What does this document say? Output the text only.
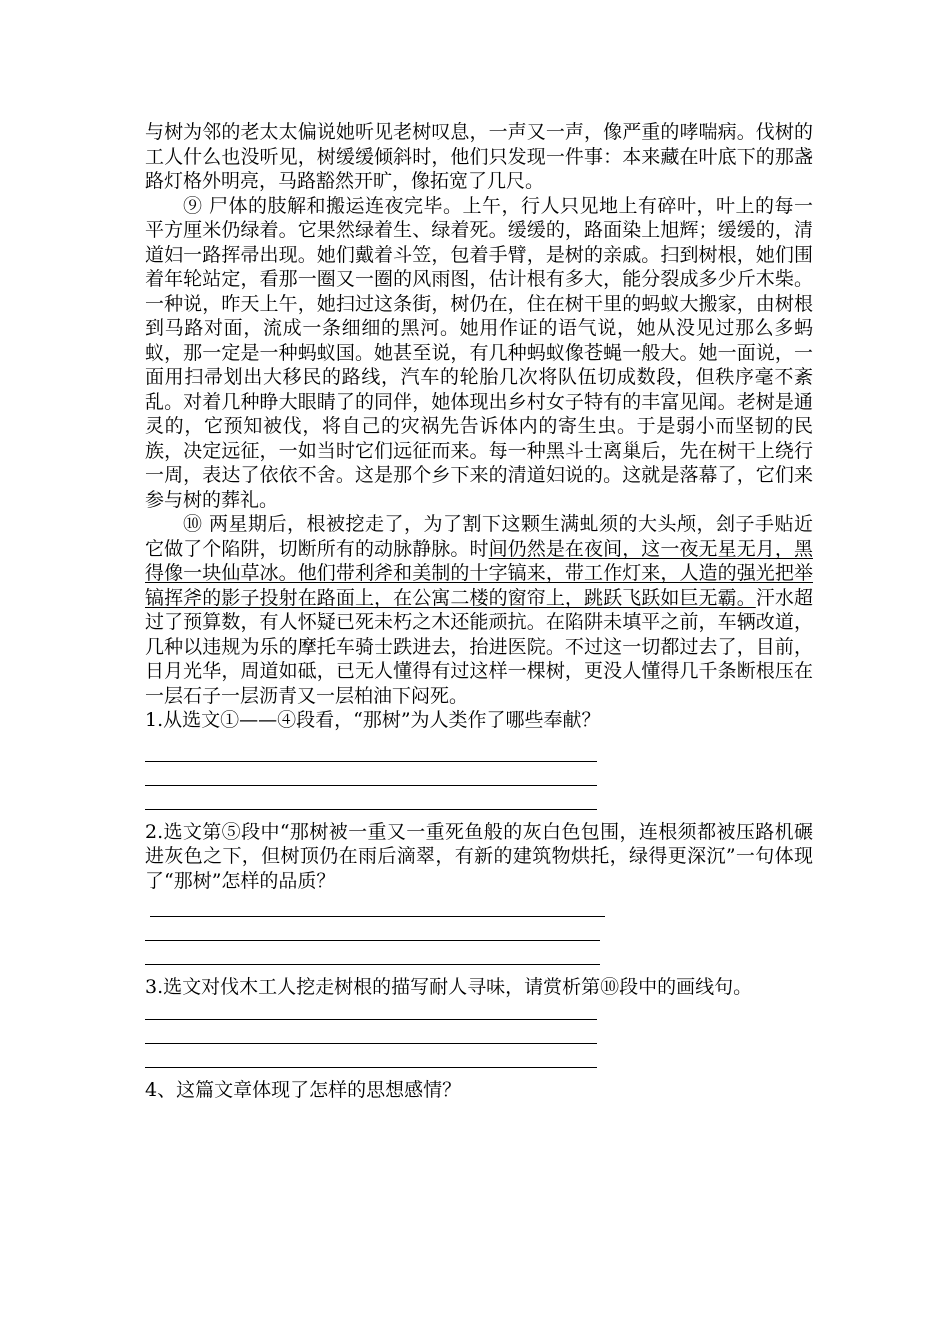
与树为邻的老太太偏说她听见老树叹息，一声又一声，像严重的哮喘病。伐树的工人什么也没听见，树缓缓倾斜时，他们只发现一件事：本来藏在叶底下的那盏路灯格外明亮，马路豁然开旷，像拓宽了几尺。

⑨ 尸体的肢解和搬运连夜完毕。上午，行人只见地上有碎叶，叶上的每一平方厘米仍绿着。它果然绿着生、绿着死。缓缓的，路面染上旭辉；缓缓的，清道妇一路挥帚出现。她们戴着斗笠，包着手臂，是树的亲戚。扫到树根，她们围着年轮站定，看那一圈又一圈的风雨图，估计根有多大，能分裂成多少斤木柴。一种说，昨天上午，她扫过这条街，树仍在，住在树干里的蚂蚁大搬家，由树根到马路对面，流成一条细细的黑河。她用作证的语气说，她从没见过那么多蚂蚁，那一定是一种蚂蚁国。她甚至说，有几种蚂蚁像苍蝇一般大。她一面说，一面用扫帚划出大移民的路线，汽车的轮胎几次将队伍切成数段，但秩序毫不紊乱。对着几种睁大眼睛了的同伴，她体现出乡村女子特有的丰富见闻。老树是通灵的，它预知被伐，将自己的灾祸先告诉体内的寄生虫。于是弱小而坚韧的民族，决定远征，一如当时它们远征而来。每一种黑斗士离巢后，先在树干上绕行一周，表达了依依不舍。这是那个乡下来的清道妇说的。这就是落幕了，它们来参与树的葬礼。

⑩ 两星期后，根被挖走了，为了割下这颗生满虬须的大头颅，刽子手贴近它做了个陷阱，切断所有的动脉静脉。时间仍然是在夜间，这一夜无星无月，黑得像一块仙草冰。他们带利斧和美制的十字镐来，带工作灯来，人造的强光把举镐挥斧的影子投射在路面上，在公寓二楼的窗帘上，跳跃飞跃如巨无霸。汗水超过了预算数，有人怀疑已死未朽之木还能顽抗。在陷阱未填平之前，车辆改道，几种以违规为乐的摩托车骑士跌进去，抬进医院。不过这一切都过去了，目前，日月光华，周道如砥，已无人懂得有过这样一棵树，更没人懂得几千条断根压在一层石子一层沥青又一层柏油下闷死。

1.从选文①——④段看，“那树”为人类作了哪些奉献？

2.选文第⑤段中“那树被一重又一重死鱼般的灰白色包围，连根须都被压路机碾进灰色之下，但树顶仍在雨后滴翠，有新的建筑物烘托，绿得更深沉”一句体现了“那树”怎样的品质？

3.选文对伐木工人挖走树根的描写耐人寻味，请赏析第⑩段中的画线句。

4、这篇文章体现了怎样的思想感情？
